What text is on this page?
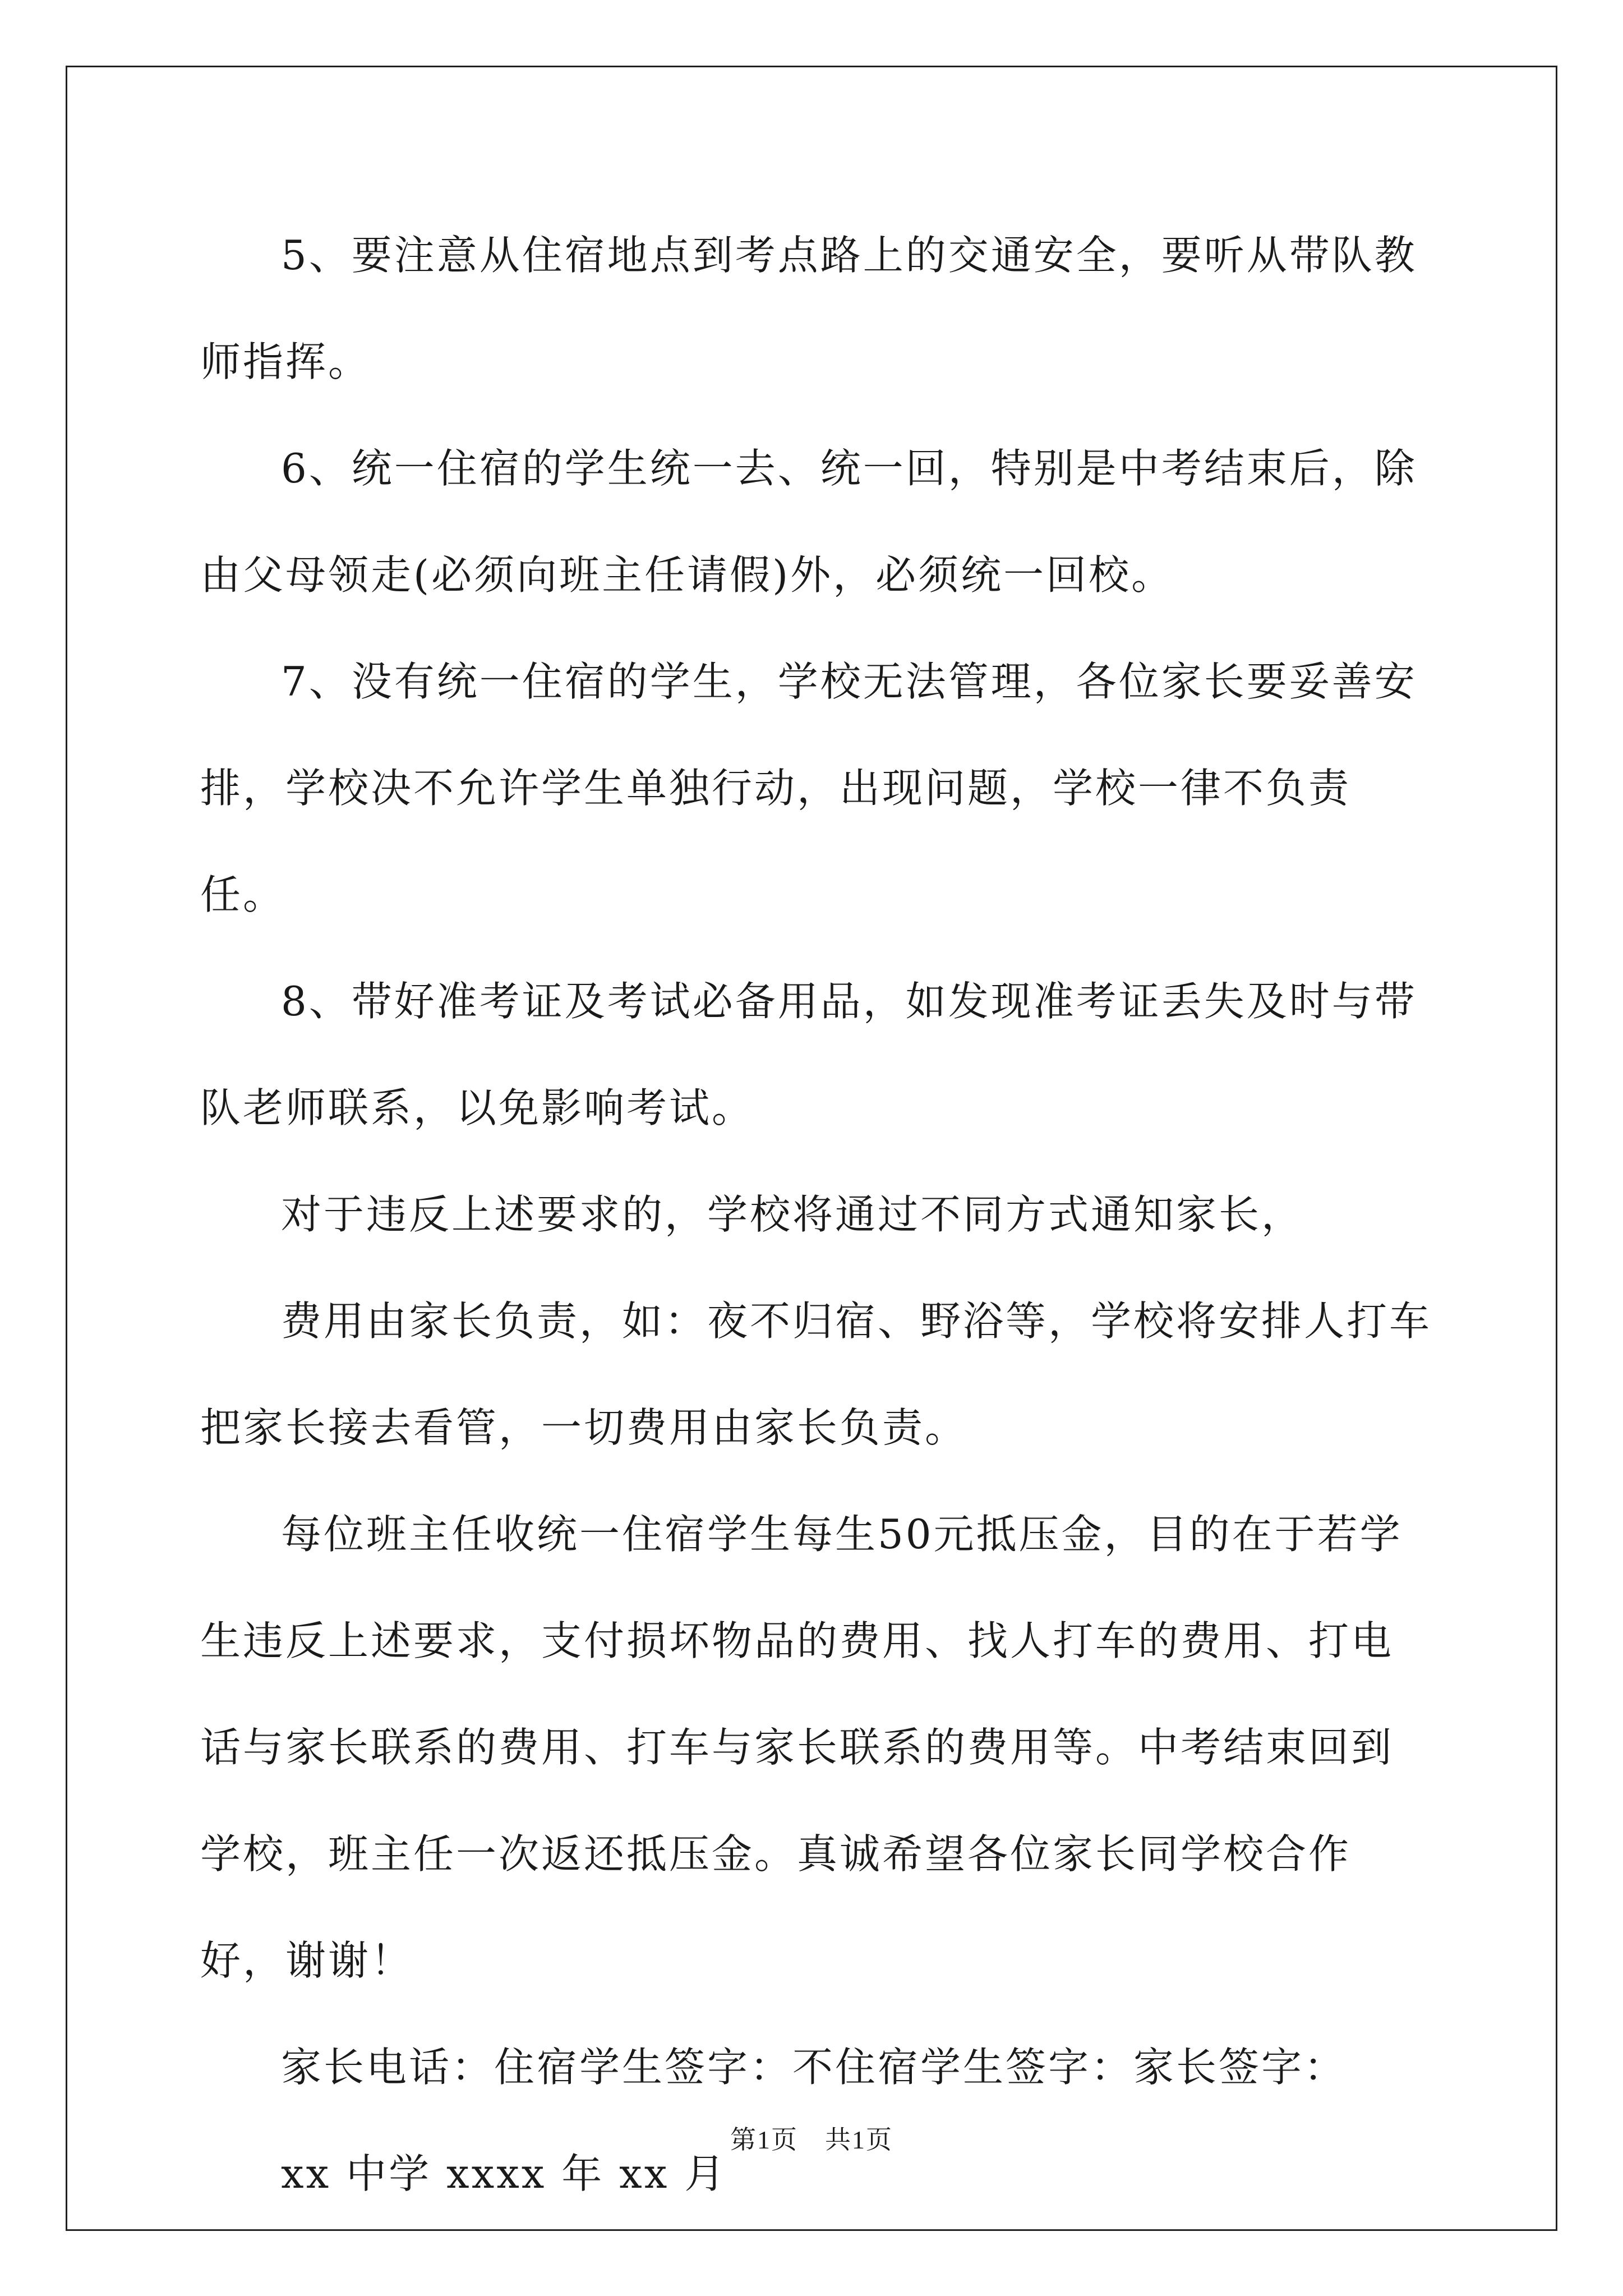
5、要注意从住宿地点到考点路上的交通安全，要听从带队教师指挥。

6、统一住宿的学生统一去、统一回，特别是中考结束后，除由父母领走(必须向班主任请假)外，必须统一回校。

7、没有统一住宿的学生，学校无法管理，各位家长要妥善安排，学校决不允许学生单独行动，出现问题，学校一律不负责任。

8、带好准考证及考试必备用品，如发现准考证丢失及时与带队老师联系，以免影响考试。

对于违反上述要求的，学校将通过不同方式通知家长，

费用由家长负责，如：夜不归宿、野浴等，学校将安排人打车把家长接去看管，一切费用由家长负责。

每位班主任收统一住宿学生每生50元抵压金，目的在于若学生违反上述要求，支付损坏物品的费用、找人打车的费用、打电话与家长联系的费用、打车与家长联系的费用等。中考结束回到学校，班主任一次返还抵压金。真诚希望各位家长同学校合作好，谢谢！

家长电话：住宿学生签字：不住宿学生签字：家长签字：

xx 中学 xxxx 年 xx 月

第1页　共1页
